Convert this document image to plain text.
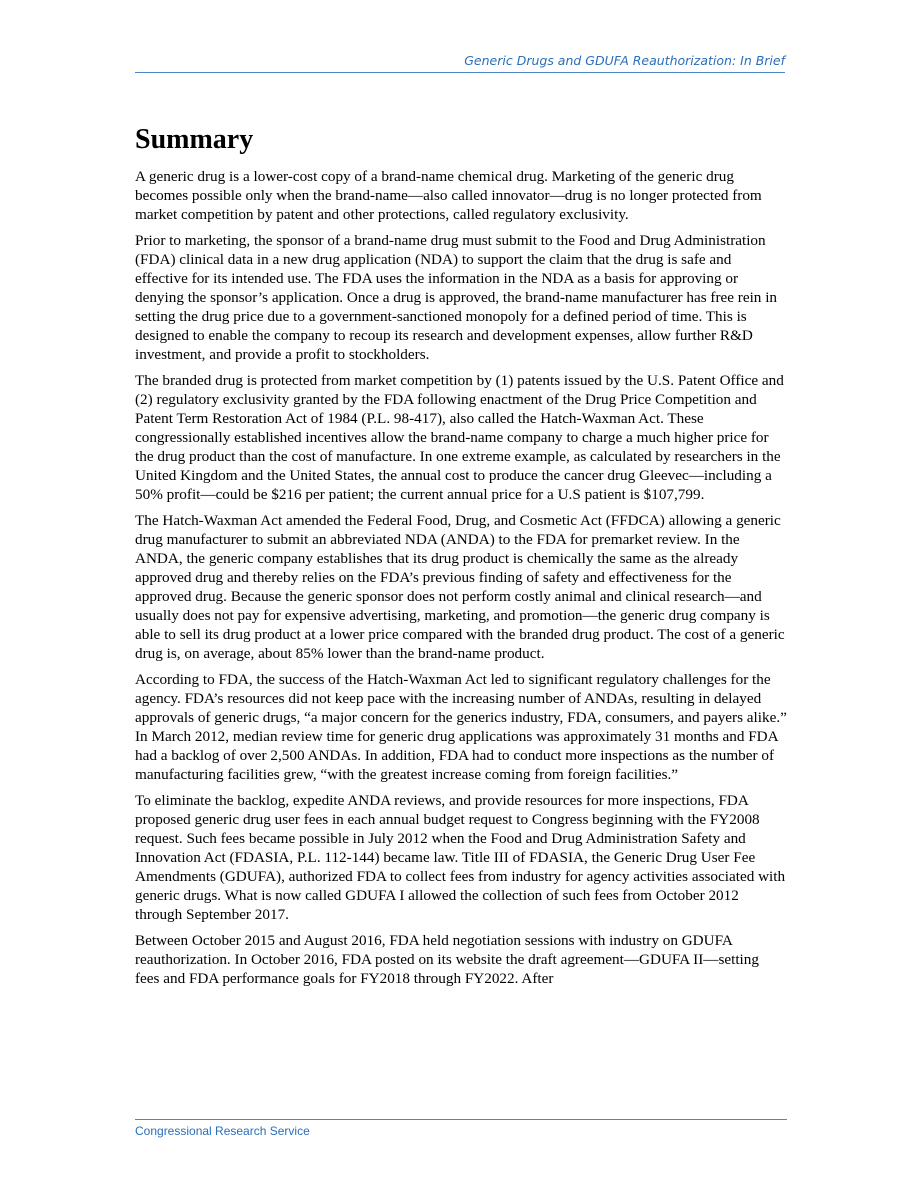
Generic Drugs and GDUFA Reauthorization: In Brief
Summary

A generic drug is a lower-cost copy of a brand-name chemical drug. Marketing of the generic drug becomes possible only when the brand-name—also called innovator—drug is no longer protected from market competition by patent and other protections, called regulatory exclusivity.

Prior to marketing, the sponsor of a brand-name drug must submit to the Food and Drug Administration (FDA) clinical data in a new drug application (NDA) to support the claim that the drug is safe and effective for its intended use. The FDA uses the information in the NDA as a basis for approving or denying the sponsor’s application. Once a drug is approved, the brand-name manufacturer has free rein in setting the drug price due to a government-sanctioned monopoly for a defined period of time. This is designed to enable the company to recoup its research and development expenses, allow further R&D investment, and provide a profit to stockholders.

The branded drug is protected from market competition by (1) patents issued by the U.S. Patent Office and (2) regulatory exclusivity granted by the FDA following enactment of the Drug Price Competition and Patent Term Restoration Act of 1984 (P.L. 98-417), also called the Hatch-Waxman Act. These congressionally established incentives allow the brand-name company to charge a much higher price for the drug product than the cost of manufacture. In one extreme example, as calculated by researchers in the United Kingdom and the United States, the annual cost to produce the cancer drug Gleevec—including a 50% profit—could be $216 per patient; the current annual price for a U.S patient is $107,799.

The Hatch-Waxman Act amended the Federal Food, Drug, and Cosmetic Act (FFDCA) allowing a generic drug manufacturer to submit an abbreviated NDA (ANDA) to the FDA for premarket review. In the ANDA, the generic company establishes that its drug product is chemically the same as the already approved drug and thereby relies on the FDA’s previous finding of safety and effectiveness for the approved drug. Because the generic sponsor does not perform costly animal and clinical research—and usually does not pay for expensive advertising, marketing, and promotion—the generic drug company is able to sell its drug product at a lower price compared with the branded drug product. The cost of a generic drug is, on average, about 85% lower than the brand-name product.

According to FDA, the success of the Hatch-Waxman Act led to significant regulatory challenges for the agency. FDA’s resources did not keep pace with the increasing number of ANDAs, resulting in delayed approvals of generic drugs, “a major concern for the generics industry, FDA, consumers, and payers alike.” In March 2012, median review time for generic drug applications was approximately 31 months and FDA had a backlog of over 2,500 ANDAs. In addition, FDA had to conduct more inspections as the number of manufacturing facilities grew, “with the greatest increase coming from foreign facilities.”

To eliminate the backlog, expedite ANDA reviews, and provide resources for more inspections, FDA proposed generic drug user fees in each annual budget request to Congress beginning with the FY2008 request. Such fees became possible in July 2012 when the Food and Drug Administration Safety and Innovation Act (FDASIA, P.L. 112-144) became law. Title III of FDASIA, the Generic Drug User Fee Amendments (GDUFA), authorized FDA to collect fees from industry for agency activities associated with generic drugs. What is now called GDUFA I allowed the collection of such fees from October 2012 through September 2017.

Between October 2015 and August 2016, FDA held negotiation sessions with industry on GDUFA reauthorization. In October 2016, FDA posted on its website the draft agreement—GDUFA II—setting fees and FDA performance goals for FY2018 through FY2022. After

Congressional Research Service
